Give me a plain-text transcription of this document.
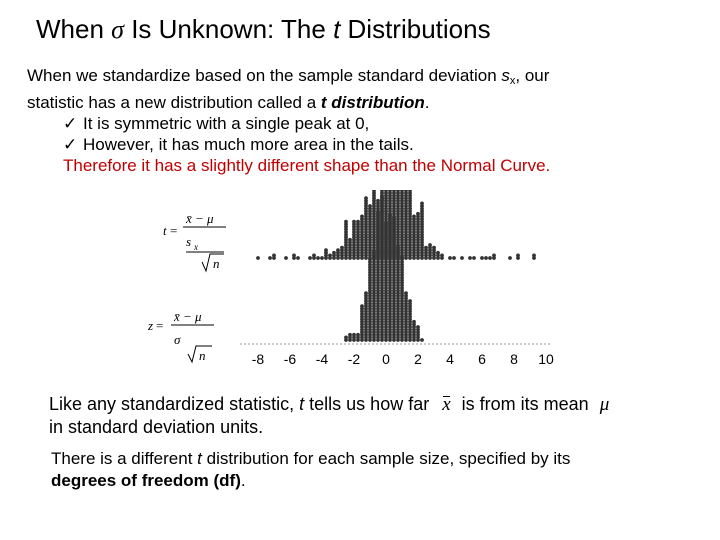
When σ Is Unknown: The t Distributions
When we standardize based on the sample standard deviation $s_x$, our
statistic has a new distribution called a t distribution.
✓ It is symmetric with a single peak at 0,
✓ However, it has much more area in the tails.
Therefore it has a slightly different shape than the Normal Curve.
t =
x̄ − μ
s x
n
z =
x̄ − μ
σ
n	-8 -6 -4 -2 0 2 4 6 8 10
Like any standardized statistic, t tells us how far x is from its mean μ
in standard deviation units.
There is a different t distribution for each sample size, specified by its
degrees of freedom (df).
